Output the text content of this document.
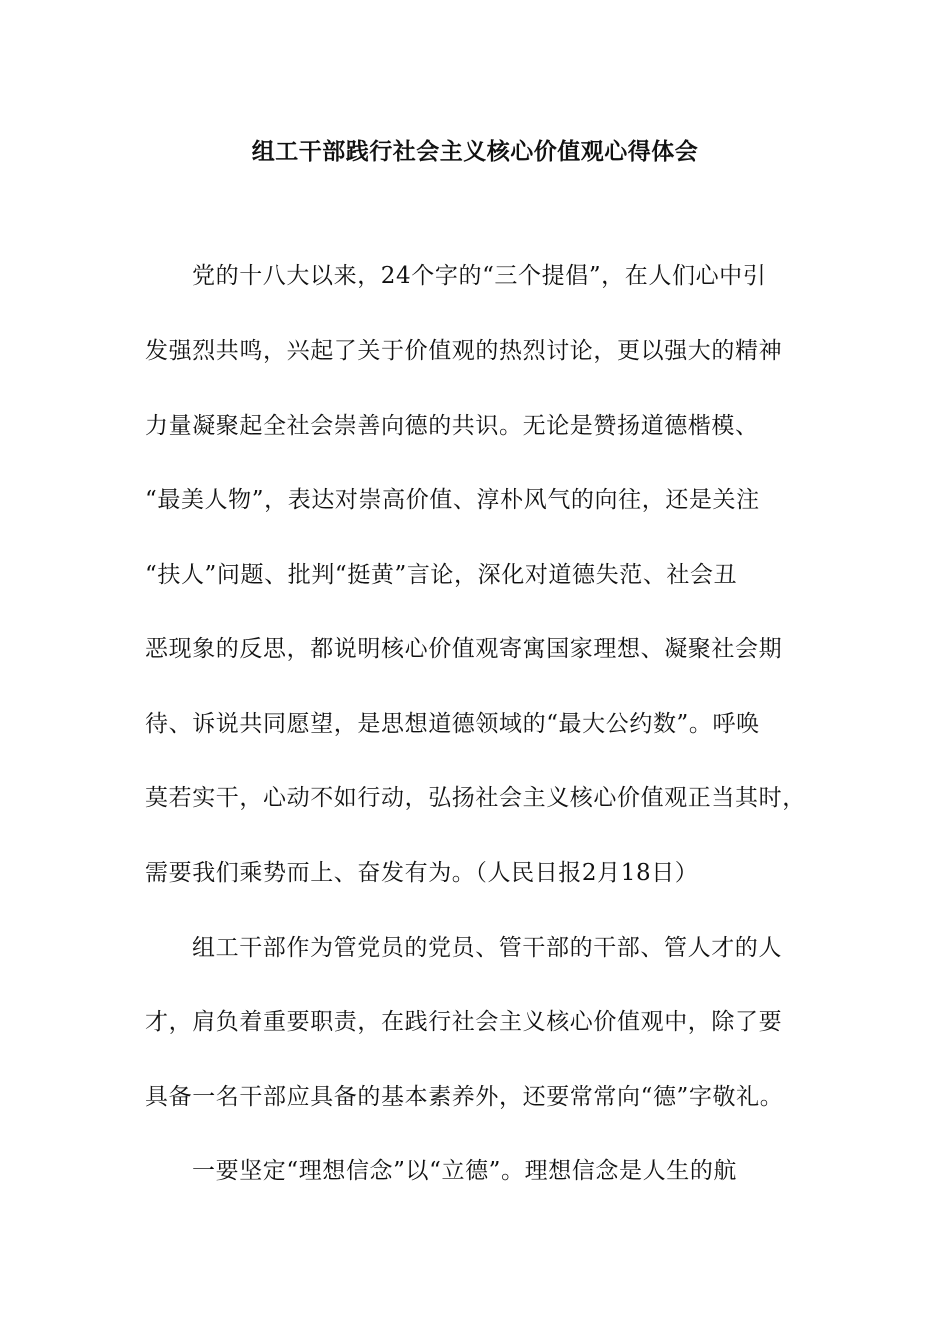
组工干部践行社会主义核心价值观心得体会

党的十八大以来，24个字的“三个提倡”，在人们心中引

发强烈共鸣，兴起了关于价值观的热烈讨论，更以强大的精神

力量凝聚起全社会崇善向德的共识。无论是赞扬道德楷模、

“最美人物”，表达对崇高价值、淳朴风气的向往，还是关注

“扶人”问题、批判“挺黄”言论，深化对道德失范、社会丑

恶现象的反思，都说明核心价值观寄寓国家理想、凝聚社会期

待、诉说共同愿望，是思想道德领域的“最大公约数”。呼唤

莫若实干，心动不如行动，弘扬社会主义核心价值观正当其时，

需要我们乘势而上、奋发有为。（人民日报2月18日）

组工干部作为管党员的党员、管干部的干部、管人才的人

才，肩负着重要职责，在践行社会主义核心价值观中，除了要

具备一名干部应具备的基本素养外，还要常常向“德”字敬礼。

一要坚定“理想信念”以“立德”。理想信念是人生的航
